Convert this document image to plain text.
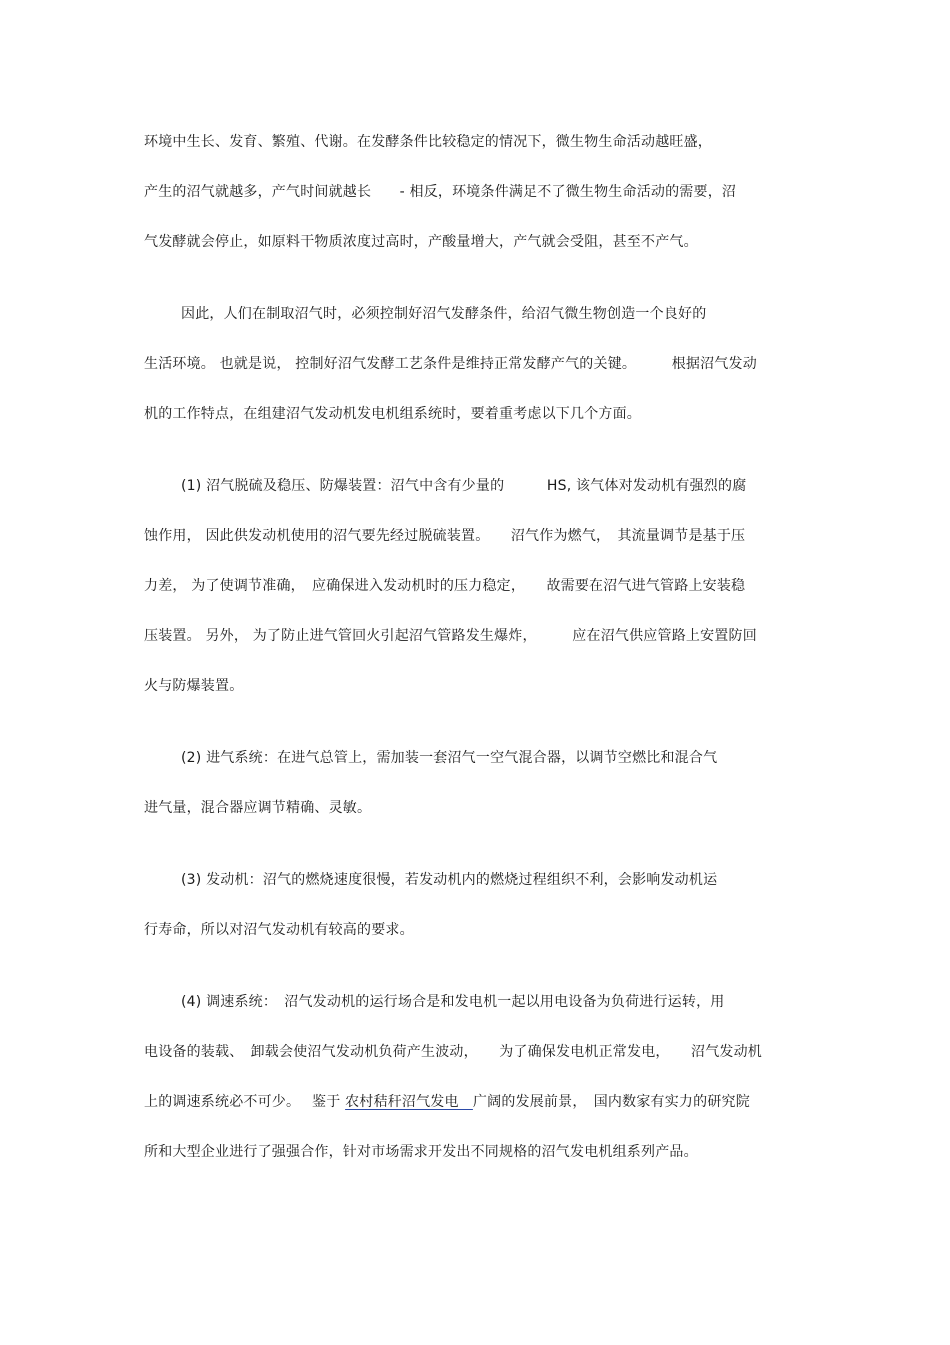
环境中生长、发育、繁殖、代谢。在发酵条件比较稳定的情况下，微生物生命活动越旺盛，
产生的沼气就越多，产气时间就越长　　- 相反，环境条件满足不了微生物生命活动的需要，沼
气发酵就会停止，如原料干物质浓度过高时，产酸量增大，产气就会受阻，甚至不产气。
因此，人们在制取沼气时，必须控制好沼气发酵条件，给沼气微生物创造一个良好的
生活环境。 也就是说， 控制好沼气发酵工艺条件是维持正常发酵产气的关键。　　　根据沼气发动
机的工作特点，在组建沼气发动机发电机组系统时，要着重考虑以下几个方面。
(1) 沼气脱硫及稳压、防爆装置：沼气中含有少量的　　　HS, 该气体对发动机有强烈的腐
蚀作用， 因此供发动机使用的沼气要先经过脱硫装置。　　沼气作为燃气，　其流量调节是基于压
力差， 为了使调节准确，　应确保进入发动机时的压力稳定，　　故需要在沼气进气管路上安装稳
压装置。 另外， 为了防止进气管回火引起沼气管路发生爆炸，　　　应在沼气供应管路上安置防回
火与防爆装置。
(2) 进气系统：在进气总管上，需加装一套沼气一空气混合器，以调节空燃比和混合气
进气量，混合器应调节精确、灵敏。
(3) 发动机：沼气的燃烧速度很慢，若发动机内的燃烧过程组织不利，会影响发动机运
行寿命，所以对沼气发动机有较高的要求。
(4) 调速系统：　沼气发动机的运行场合是和发电机一起以用电设备为负荷进行运转，用
电设备的装载、　卸载会使沼气发动机负荷产生波动，　　为了确保发电机正常发电，　　沼气发动机
上的调速系统必不可少。　 鉴于 农村秸秆沼气发电　广阔的发展前景，　国内数家有实力的研究院
所和大型企业进行了强强合作，针对市场需求开发出不同规格的沼气发电机组系列产品。
